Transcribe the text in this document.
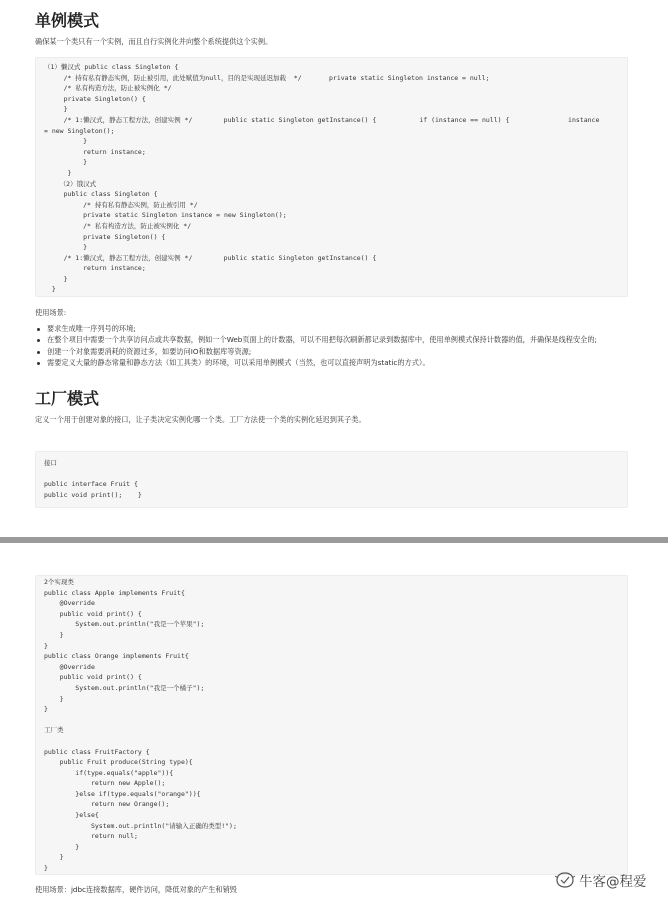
单例模式
确保某一个类只有一个实例，而且自行实例化并向整个系统提供这个实例。
（1）懒汉式 public class Singleton {
/* 持有私有静态实例，防止被引用，此处赋值为null，目的是实现延迟加载  */       private static Singleton instance = null;
/* 私有构造方法，防止被实例化 */
private Singleton() {
}
/* 1:懒汉式，静态工程方法，创建实例 */        public static Singleton getInstance() {           if (instance == null) {               instance
= new Singleton();
}
return instance;
}
}
（2）饿汉式
public class Singleton {
/* 持有私有静态实例，防止被引用 */
private static Singleton instance = new Singleton();
/* 私有构造方法，防止被实例化 */
private Singleton() {
}
/* 1:懒汉式，静态工程方法，创建实例 */        public static Singleton getInstance() {
return instance;
}
}
使用场景:
要求生成唯一序列号的环境;
在整个项目中需要一个共享访问点或共享数据，例如一个Web页面上的计数器，可以不用把每次刷新都记录到数据库中，使用单例模式保持计数器的值，并确保是线程安全的;
创建一个对象需要消耗的资源过多，如要访问IO和数据库等资源;
需要定义大量的静态常量和静态方法（如工具类）的环境，可以采用单例模式（当然，也可以直接声明为static的方式）。
工厂模式
定义一个用于创建对象的接口，让子类决定实例化哪一个类。工厂方法使一个类的实例化延迟到其子类。
接口

public interface Fruit {
public void print();    }
2个实现类
public class Apple implements Fruit{
@Override
public void print() {
System.out.println("我是一个苹果");
}
}
public class Orange implements Fruit{
@Override
public void print() {
System.out.println("我是一个橘子");
}
}

工厂类

public class FruitFactory {
public Fruit produce(String type){
if(type.equals("apple")){
return new Apple();
}else if(type.equals("orange")){
return new Orange();
}else{
System.out.println("请输入正确的类型!");
return null;
}
}
}
使用场景：jdbc连接数据库，硬件访问，降低对象的产生和销毁	牛客@程爱
